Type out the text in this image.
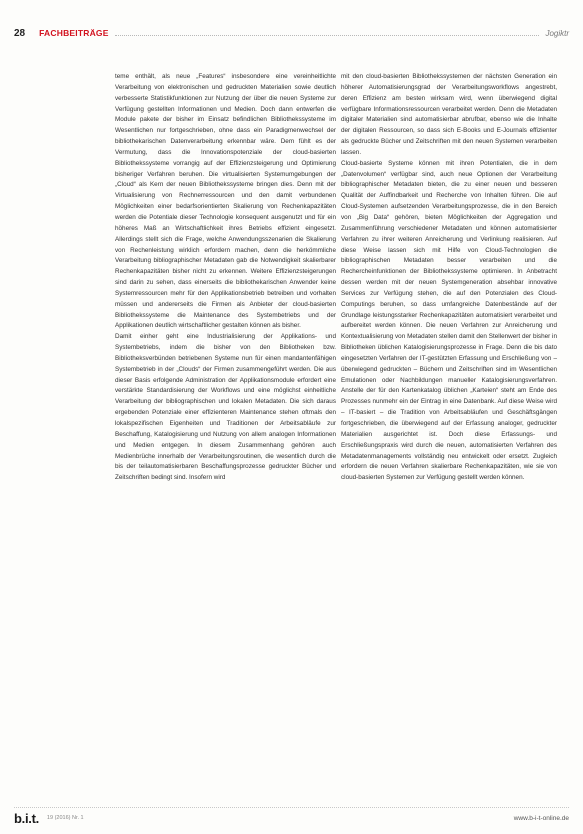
28 FACHBEITRÄGE	Jogiktr

teme enthält, als neue „Features“ insbesondere eine vereinheitlichte Verarbeitung von elektronischen und gedruckten Materialien sowie deutlich verbesserte Statistikfunktionen zur Nutzung der über die neuen Systeme zur Verfügung gestellten Informationen und Medien. Doch dann entwerfen die Module pakete der bisher im Einsatz befindlichen Bibliothekssysteme im Wesentlichen nur fortgeschrieben, ohne dass ein Paradigmenwechsel der bibliothekarischen Datenverarbeitung erkennbar wäre. Dem fühlt es der Vermutung, dass die Innovationspotenziale der cloud-basierten Bibliothekssysteme vorrangig auf der Effizienzsteigerung und Optimierung bisheriger Verfahren beruhen. Die virtualisierten Systemumgebungen der „Cloud“ als Kern der neuen Bibliothekssysteme bringen dies. Denn mit der Virtualisierung von Rechnerressourcen und den damit verbundenen Möglichkeiten einer bedarfsorientierten Skalierung von Rechenkapazitäten werden die Potentiale dieser Technologie konsequent ausgenutzt und für ein höheres Maß an Wirtschaftlichkeit ihres Betriebs effizient eingesetzt. Allerdings stellt sich die Frage, welche Anwendungsszenarien die Skalierung von Rechenleistung wirklich erfordern machen, denn die herkömmliche Verarbeitung bibliographischer Metadaten gab die Notwendigkeit skalierbarer Rechenkapazitäten bisher nicht zu erkennen. Weitere Effizienzsteigerungen sind darin zu sehen, dass einerseits die bibliothekarischen Anwender keine Systemressourcen mehr für den Applikationsbetrieb betreiben und vorhalten müssen und andererseits die Firmen als Anbieter der cloud-basierten Bibliothekssysteme die Maintenance des Systembetriebs und der Applikationen deutlich wirtschaftlicher gestalten können als bisher.

Damit einher geht eine Industrialisierung der Applikations- und Systembetriebs, indem die bisher von den Bibliotheken bzw. Bibliotheksverbünden betriebenen Systeme nun für einen mandantenfähigen Systembetrieb in der „Clouds“ der Firmen zusammengeführt werden. Die aus dieser Basis erfolgende Administration der Applikationsmodule erfordert eine verstärkte Standardisierung der Workflows und eine möglichst einheitliche Verarbeitung der bibliographischen und lokalen Metadaten. Die sich daraus ergebenden Potenziale einer effizienteren Maintenance stehen oftmals den lokalspezifischen Eigenheiten und Traditionen der Arbeitsabläufe zur Beschaffung, Katalogisierung und Nutzung von allem analogen Informationen und Medien entgegen. In diesem Zusammenhang gehören auch Medienbrüche innerhalb der Verarbeitungsroutinen, die wesentlich durch die bis der teilautomatisierbaren Beschaffungsprozesse gedruckter Bücher und Zeitschriften bedingt sind. Insofern wird

mit den cloud-basierten Bibliothekssystemen der nächsten Generation ein höherer Automatisierungsgrad der Verarbeitungsworkflows angestrebt, deren Effizienz am besten wirksam wird, wenn überwiegend digital verfügbare Informationsressourcen verarbeitet werden. Denn die Metadaten digitaler Materialien sind automatisierbar abrufbar, ebenso wie die Inhalte der digitalen Ressourcen, so dass sich E-Books und E-Journals effizienter als gedruckte Bücher und Zeitschriften mit den neuen Systemen verarbeiten lassen.

Cloud-basierte Systeme können mit ihren Potentialen, die in dem „Datenvolumen“ verfügbar sind, auch neue Optionen der Verarbeitung bibliographischer Metadaten bieten, die zu einer neuen und besseren Qualität der Auffindbarkeit und Recherche von Inhalten führen. Die auf Cloud-Systemen aufsetzenden Verarbeitungsprozesse, die in den Bereich von „Big Data“ gehören, bieten Möglichkeiten der Aggregation und Zusammenführung verschiedener Metadaten und können automatisierter Verfahren zu ihrer weiteren Anreicherung und Verlinkung realisieren. Auf diese Weise lassen sich mit Hilfe von Cloud-Technologien die bibliographischen Metadaten besser verarbeiten und die Rechercheinfunktionen der Bibliothekssysteme optimieren. In Anbetracht dessen werden mit der neuen Systemgeneration absehbar innovative Services zur Verfügung stehen, die auf den Potenzialen des Cloud-Computings beruhen, so dass umfangreiche Datenbestände auf der Grundlage leistungsstarker Rechenkapazitäten automatisiert verarbeitet und aufbereitet werden können. Die neuen Verfahren zur Anreicherung und Kontextualisierung von Metadaten stellen damit den Stellenwert der bisher in Bibliotheken üblichen Katalogisierungsprozesse in Frage. Denn die bis dato eingesetzten Verfahren der IT-gestützten Erfassung und Erschließung von – überwiegend gedruckten – Büchern und Zeitschriften sind im Wesentlichen Emulationen oder Nachbildungen manueller Katalogisierungsverfahren. Anstelle der für den Kartenkatalog üblichen „Karteien“ steht am Ende des Prozesses nunmehr ein der Eintrag in eine Datenbank. Auf diese Weise wird – IT-basiert – die Tradition von Arbeitsabläufen und Geschäftsgängen fortgeschrieben, die überwiegend auf der Erfassung analoger, gedruckter Materialien ausgerichtet ist. Doch diese Erfassungs- und Erschließungspraxis wird durch die neuen, automatisierten Verfahren des Metadatenmanagements vollständig neu entwickelt oder ersetzt. Zugleich erfordern die neuen Verfahren skalierbare Rechenkapazitäten, wie sie von cloud-basierten Systemen zur Verfügung gestellt werden können.

b.i.t. 19 (2016) Nr. 1	www.b-i-t-online.de
